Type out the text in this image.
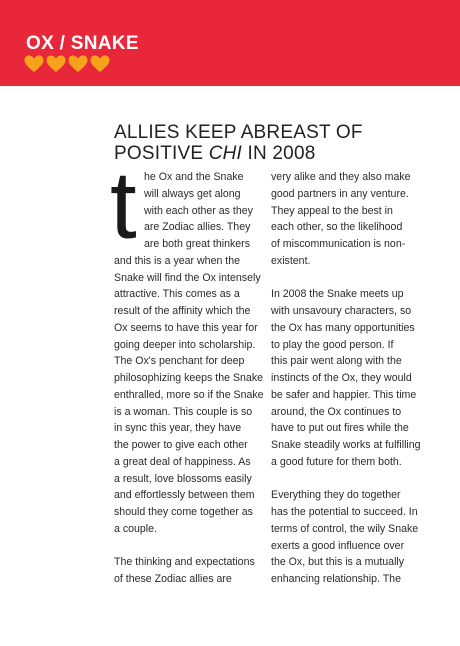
OX / SNAKE
ALLIES KEEP ABREAST OF
POSITIVE CHI IN 2008
t he Ox and the Snake
will always get along
with each other as they
are Zodiac allies. They
are both great thinkers
and this is a year when the
Snake will find the Ox intensely
attractive. This comes as a
result of the affinity which the
Ox seems to have this year for
going deeper into scholarship.
The Ox's penchant for deep
philosophizing keeps the Snake
enthralled, more so if the Snake
is a woman. This couple is so
in sync this year, they have
the power to give each other
a great deal of happiness. As
a result, love blossoms easily
and effortlessly between them
should they come together as
a couple.
The thinking and expectations
of these Zodiac allies are
very alike and they also make
good partners in any venture.
They appeal to the best in
each other, so the likelihood
of miscommunication is non-
existent.
In 2008 the Snake meets up
with unsavoury characters, so
the Ox has many opportunities
to play the good person. If
this pair went along with the
instincts of the Ox, they would
be safer and happier. This time
around, the Ox continues to
have to put out fires while the
Snake steadily works at fulfilling
a good future for them both.
Everything they do together
has the potential to succeed. In
terms of control, the wily Snake
exerts a good influence over
the Ox, but this is a mutually
enhancing relationship. The
